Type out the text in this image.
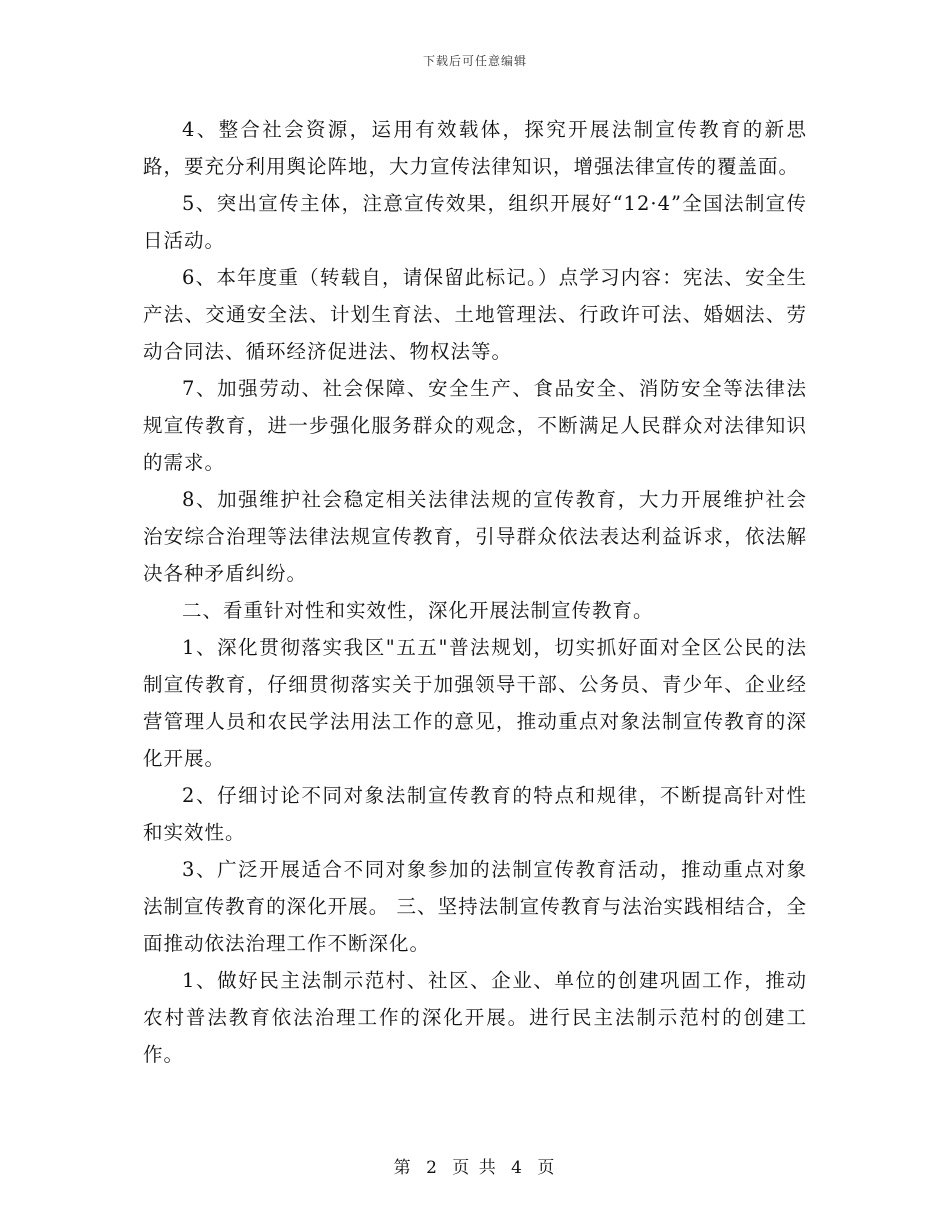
下载后可任意编辑

4、整合社会资源，运用有效载体，探究开展法制宣传教育的新思路，要充分利用舆论阵地，大力宣传法律知识，增强法律宣传的覆盖面。

5、突出宣传主体，注意宣传效果，组织开展好“12·4”全国法制宣传日活动。

6、本年度重（转载自，请保留此标记。）点学习内容：宪法、安全生产法、交通安全法、计划生育法、土地管理法、行政许可法、婚姻法、劳动合同法、循环经济促进法、物权法等。

7、加强劳动、社会保障、安全生产、食品安全、消防安全等法律法规宣传教育，进一步强化服务群众的观念，不断满足人民群众对法律知识的需求。

8、加强维护社会稳定相关法律法规的宣传教育，大力开展维护社会治安综合治理等法律法规宣传教育，引导群众依法表达利益诉求，依法解决各种矛盾纠纷。

二、看重针对性和实效性，深化开展法制宣传教育。

1、深化贯彻落实我区"五五"普法规划，切实抓好面对全区公民的法制宣传教育，仔细贯彻落实关于加强领导干部、公务员、青少年、企业经营管理人员和农民学法用法工作的意见，推动重点对象法制宣传教育的深化开展。

2、仔细讨论不同对象法制宣传教育的特点和规律，不断提高针对性和实效性。

3、广泛开展适合不同对象参加的法制宣传教育活动，推动重点对象法制宣传教育的深化开展。 三、坚持法制宣传教育与法治实践相结合，全面推动依法治理工作不断深化。

1、做好民主法制示范村、社区、企业、单位的创建巩固工作，推动农村普法教育依法治理工作的深化开展。进行民主法制示范村的创建工作。

第 2 页 共 4 页
